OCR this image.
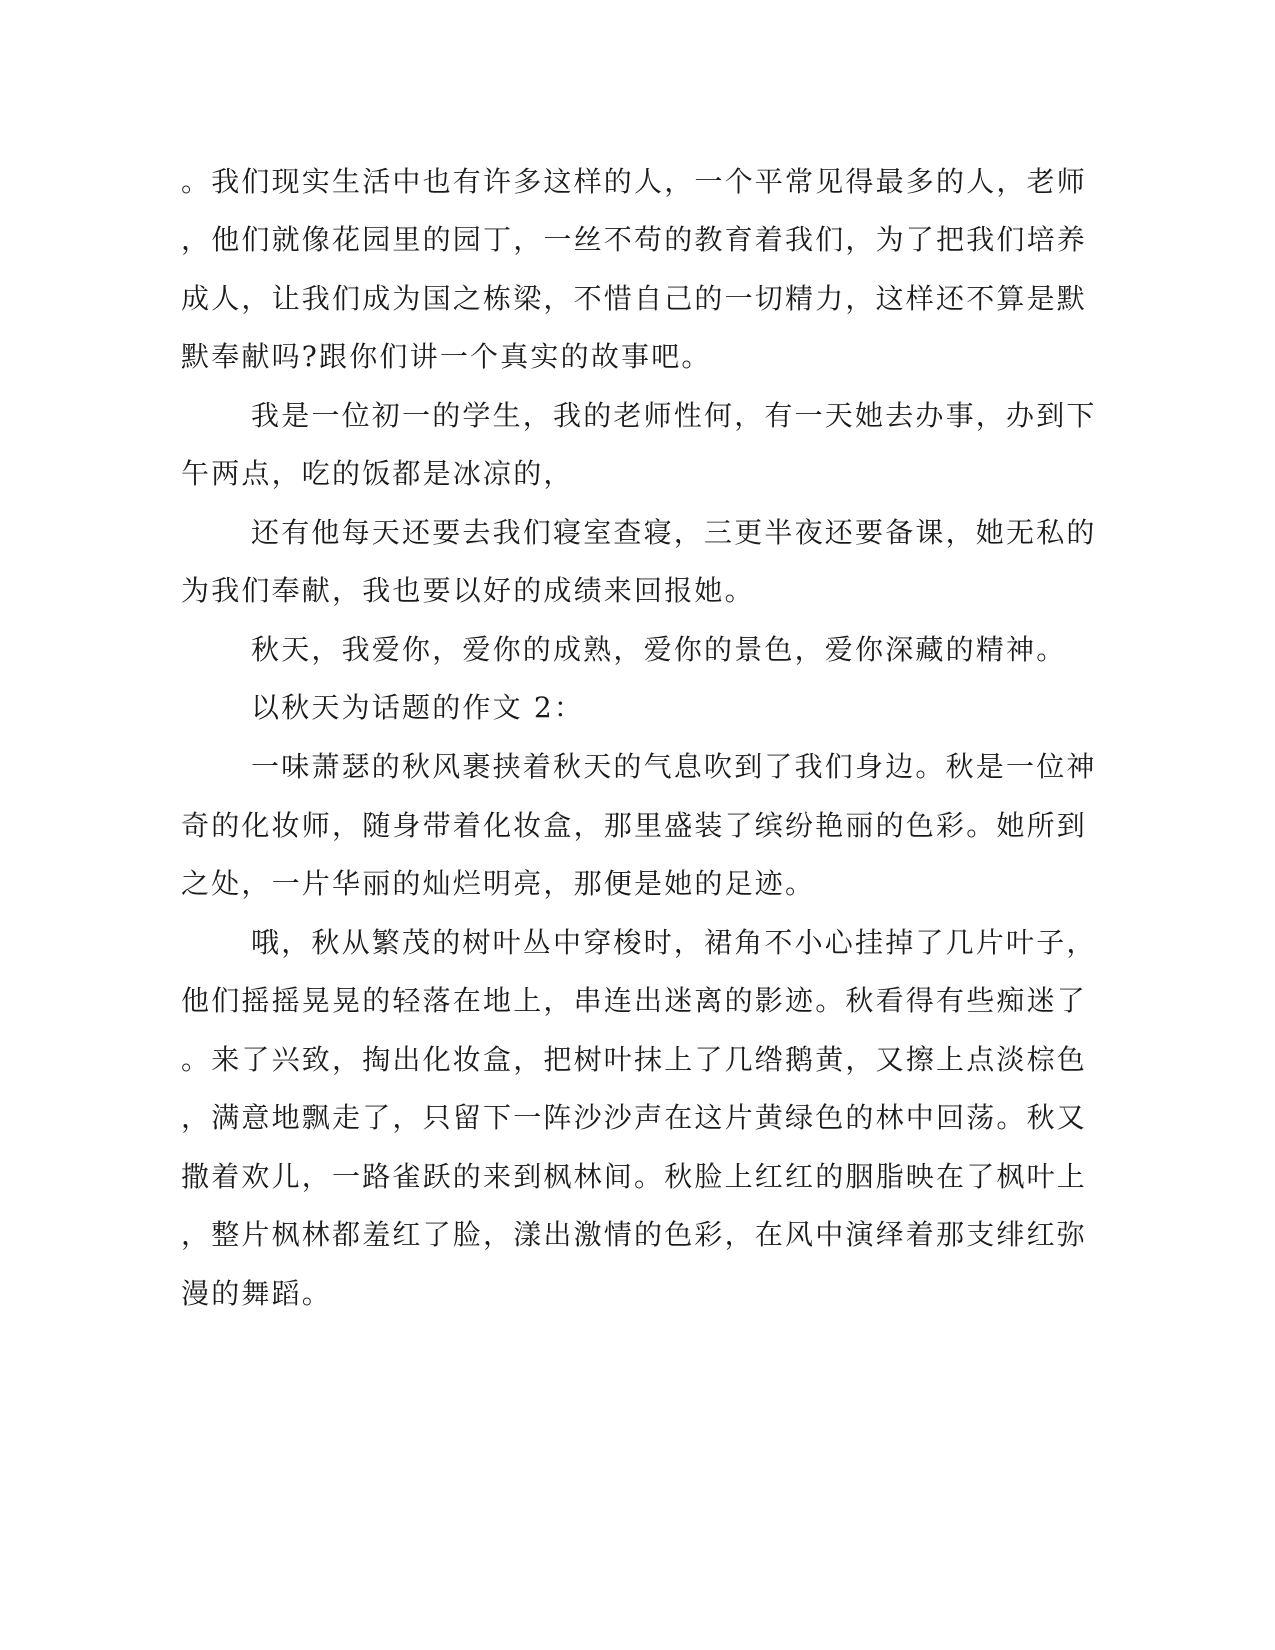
。我们现实生活中也有许多这样的人，一个平常见得最多的人，老师
，他们就像花园里的园丁，一丝不苟的教育着我们，为了把我们培养
成人，让我们成为国之栋梁，不惜自己的一切精力，这样还不算是默
默奉献吗?跟你们讲一个真实的故事吧。
我是一位初一的学生，我的老师性何，有一天她去办事，办到下
午两点，吃的饭都是冰凉的，
还有他每天还要去我们寝室查寝，三更半夜还要备课，她无私的
为我们奉献，我也要以好的成绩来回报她。
秋天，我爱你，爱你的成熟，爱你的景色，爱你深藏的精神。
以秋天为话题的作文 2：
一味萧瑟的秋风裹挟着秋天的气息吹到了我们身边。秋是一位神
奇的化妆师，随身带着化妆盒，那里盛装了缤纷艳丽的色彩。她所到
之处，一片华丽的灿烂明亮，那便是她的足迹。
哦，秋从繁茂的树叶丛中穿梭时，裙角不小心挂掉了几片叶子，
他们摇摇晃晃的轻落在地上，串连出迷离的影迹。秋看得有些痴迷了
。来了兴致，掏出化妆盒，把树叶抹上了几绺鹅黄，又擦上点淡棕色
，满意地飘走了，只留下一阵沙沙声在这片黄绿色的林中回荡。秋又
撒着欢儿，一路雀跃的来到枫林间。秋脸上红红的胭脂映在了枫叶上
，整片枫林都羞红了脸，漾出激情的色彩，在风中演绎着那支绯红弥
漫的舞蹈。
